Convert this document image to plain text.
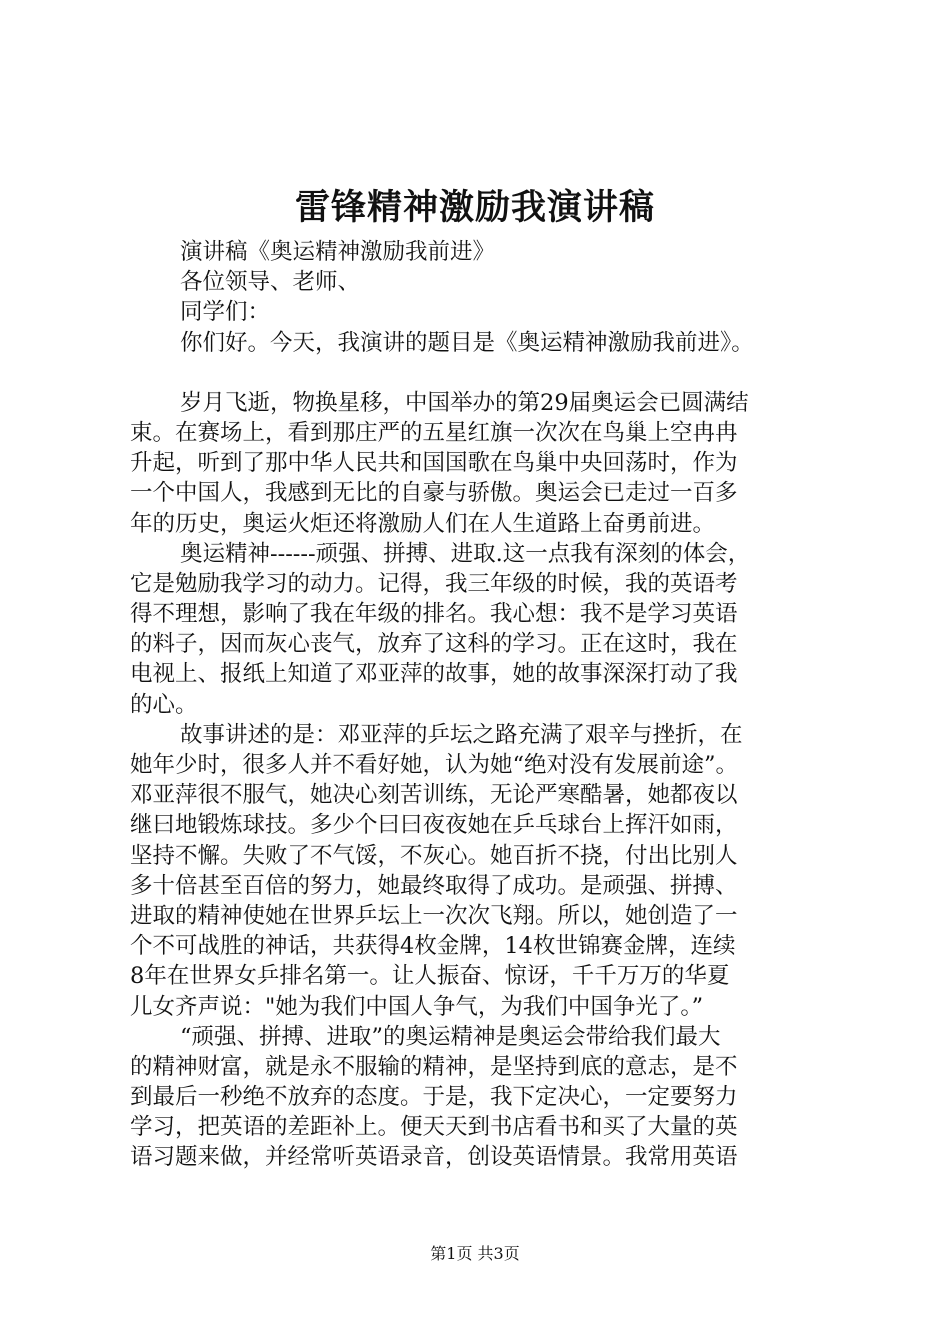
雷锋精神激励我演讲稿
演讲稿《奥运精神激励我前进》
各位领导、老师、
同学们：
你们好。今天，我演讲的题目是《奥运精神激励我前进》。
岁月飞逝，物换星移，中国举办的第29届奥运会已圆满结
束。在赛场上，看到那庄严的五星红旗一次次在鸟巢上空冉冉
升起，听到了那中华人民共和国国歌在鸟巢中央回荡时，作为
一个中国人，我感到无比的自豪与骄傲。奥运会已走过一百多
年的历史，奥运火炬还将激励人们在人生道路上奋勇前进。
奥运精神------顽强、拼搏、进取.这一点我有深刻的体会，
它是勉励我学习的动力。记得，我三年级的时候，我的英语考
得不理想，影响了我在年级的排名。我心想：我不是学习英语
的料子，因而灰心丧气，放弃了这科的学习。正在这时，我在
电视上、报纸上知道了邓亚萍的故事，她的故事深深打动了我
的心。
故事讲述的是：邓亚萍的乒坛之路充满了艰辛与挫折，在
她年少时，很多人并不看好她，认为她“绝对没有发展前途”。
邓亚萍很不服气，她决心刻苦训练，无论严寒酷暑，她都夜以
继曰地锻炼球技。多少个曰曰夜夜她在乒乓球台上挥汗如雨，
坚持不懈。失败了不气馁，不灰心。她百折不挠，付出比别人
多十倍甚至百倍的努力，她最终取得了成功。是顽强、拼搏、
进取的精神使她在世界乒坛上一次次飞翔。所以，她创造了一
个不可战胜的神话，共获得4枚金牌，14枚世锦赛金牌，连续
8年在世界女乒排名第一。让人振奋、惊讶，千千万万的华夏
儿女齐声说："她为我们中国人争气，为我们中国争光了。”
“顽强、拼搏、进取”的奥运精神是奥运会带给我们最大
的精神财富，就是永不服输的精神，是坚持到底的意志，是不
到最后一秒绝不放弃的态度。于是，我下定决心，一定要努力
学习，把英语的差距补上。便天天到书店看书和买了大量的英
语习题来做，并经常听英语录音，创设英语情景。我常用英语
第1页 共3页
